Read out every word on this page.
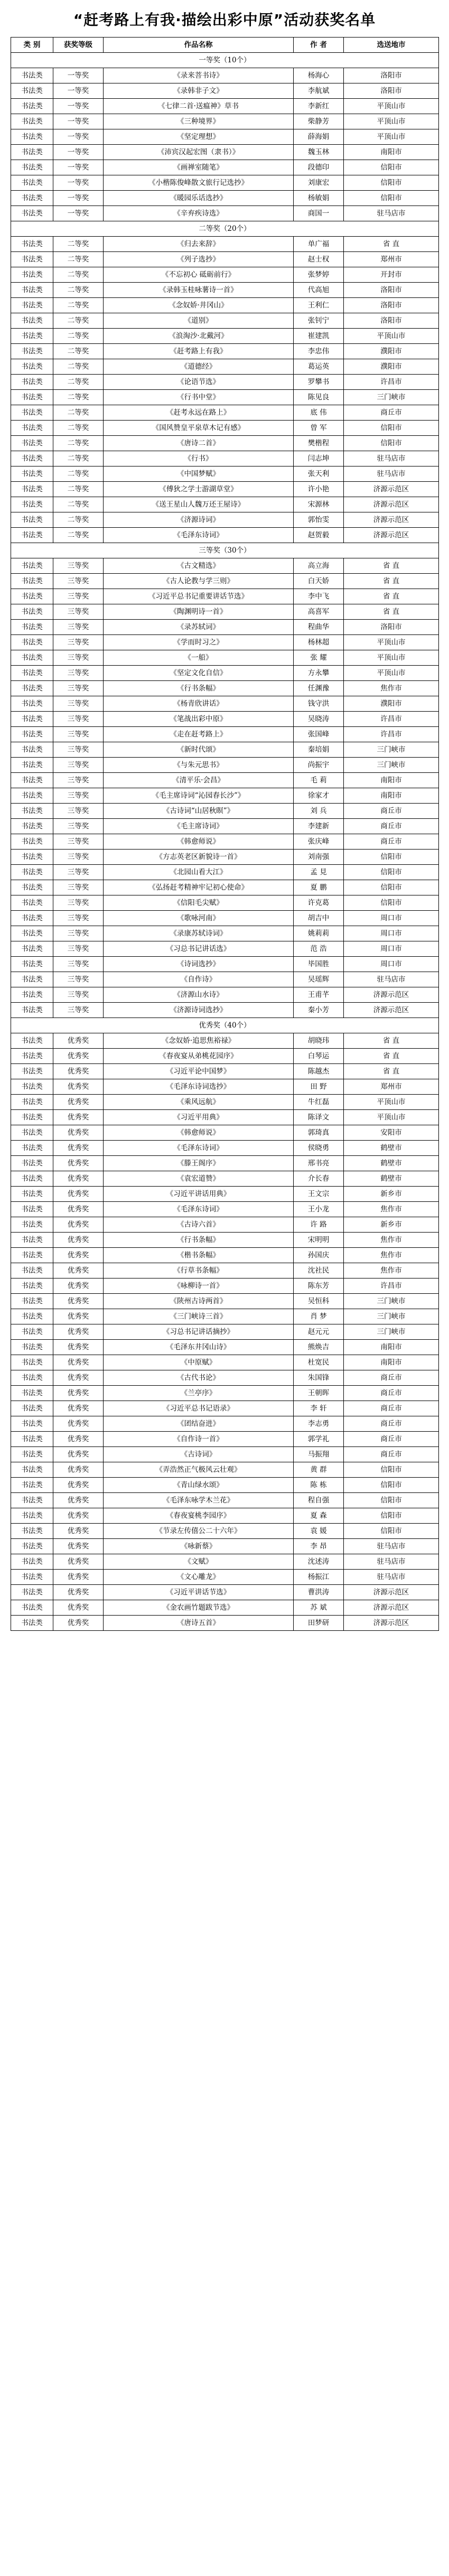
“赶考路上有我·描绘出彩中原”活动获奖名单
类 别	获奖等级	作品名称	作 者	选送地市
一等奖（10个）				
书法类	一等奖	《录来菩书诗》	杨海心	洛阳市
书法类	一等奖	《录韩非子文》	李航斌	洛阳市
书法类	一等奖	《七律二首·送瘟神》草书	李新红	平顶山市
书法类	一等奖	《三种境界》	柴静芳	平顶山市
书法类	一等奖	《坚定理想》	薛海娟	平顶山市
书法类	一等奖	《沛宾汉起宏图（隶书）》	魏玉林	南阳市
书法类	一等奖	《画禅室随笔》	段德印	信阳市
书法类	一等奖	《小楷陈俊峰散文旅行记选抄》	刘康宏	信阳市
书法类	一等奖	《暖园乐话选抄》	杨敏娟	信阳市
书法类	一等奖	《辛弃疾诗选》	商国一	驻马店市
二等奖（20个）				
书法类	二等奖	《归去来辞》	单广福	省 直
书法类	二等奖	《列子选抄》	赵士权	郑州市
书法类	二等奖	《不忘初心 砥砺前行》	张梦婷	开封市
书法类	二等奖	《录韩玉桂咏薯诗一首》	代高旭	洛阳市
书法类	二等奖	《念奴娇·井冈山》	王利仁	洛阳市
书法类	二等奖	《道别》	张钊宁	洛阳市
书法类	二等奖	《浪淘沙·北戴河》	崔建凯	平顶山市
书法类	二等奖	《赶考路上有我》	李忠伟	濮阳市
书法类	二等奖	《道德经》	葛运英	濮阳市
书法类	二等奖	《论语节选》	罗攀书	许昌市
书法类	二等奖	《行书中堂》	陈见良	三门峡市
书法类	二等奖	《赶考永远在路上》	底 伟	商丘市
书法类	二等奖	《国风赞皇平泉草木记有感》	曾 军	信阳市
书法类	二等奖	《唐诗二首》	樊楷程	信阳市
书法类	二等奖	《行书》	闫志坤	驻马店市
书法类	二等奖	《中国梦赋》	张天利	驻马店市
书法类	二等奖	《傅狄之学士游湖草堂》	许小艳	济源示范区
书法类	二等奖	《送王星山人魏万还王屋诗》	宋源林	济源示范区
书法类	二等奖	《济源诗词》	郭怡雯	济源示范区
书法类	二等奖	《毛泽东诗词》	赵贺毅	济源示范区
三等奖（30个）				
书法类	三等奖	《古文精选》	高立海	省 直
书法类	三等奖	《古人论教与学三则》	白天娇	省 直
书法类	三等奖	《习近平总书记重要讲话节选》	李中飞	省 直
书法类	三等奖	《陶渊明诗一首》	高喜军	省 直
书法类	三等奖	《录苏轼词》	程曲华	洛阳市
书法类	三等奖	《学而时习之》	杨林超	平顶山市
书法类	三等奖	《一船》	张 耀	平顶山市
书法类	三等奖	《坚定文化自信》	方永攀	平顶山市
书法类	三等奖	《行书条幅》	任渊豫	焦作市
书法类	三等奖	《杨青欣讲话》	钱守洪	濮阳市
书法类	三等奖	《笔战出彩中原》	吴晓涛	许昌市
书法类	三等奖	《走在赶考路上》	张国峰	许昌市
书法类	三等奖	《新时代颂》	秦培娟	三门峡市
书法类	三等奖	《与朱元思书》	尚振宇	三门峡市
书法类	三等奖	《清平乐·会昌》	毛 莉	南阳市
书法类	三等奖	《毛主席诗词“沁园春长沙”》	徐家才	南阳市
书法类	三等奖	《古诗词“山居秋暝”》	刘 兵	商丘市
书法类	三等奖	《毛主席诗词》	李建新	商丘市
书法类	三等奖	《韩愈师说》	张庆峰	商丘市
书法类	三等奖	《方志英老区新貌诗一首》	刘南强	信阳市
书法类	三等奖	《北园山看大江》	孟 見	信阳市
书法类	三等奖	《弘扬赶考精神牢记初心使命》	夏 鹏	信阳市
书法类	三等奖	《信阳毛尖赋》	许克葛	信阳市
书法类	三等奖	《歌咏河南》	胡吉中	周口市
书法类	三等奖	《录康苏轼诗词》	姚莉莉	周口市
书法类	三等奖	《习总书记讲话选》	范 浩	周口市
书法类	三等奖	《诗词选抄》	毕国胜	周口市
书法类	三等奖	《自作诗》	吴瑶辉	驻马店市
书法类	三等奖	《济源山水诗》	王甫芊	济源示范区
书法类	三等奖	《济源诗词选抄》	秦小芳	济源示范区
优秀奖（40个）				
书法类	优秀奖	《念奴娇·追思焦裕禄》	胡晓玮	省 直
书法类	优秀奖	《春夜宴从弟桃花园序》	白琴运	省 直
书法类	优秀奖	《习近平论中国梦》	陈越杰	省 直
书法类	优秀奖	《毛泽东诗词选抄》	田 野	郑州市
书法类	优秀奖	《乘风远航》	牛红磊	平顶山市
书法类	优秀奖	《习近平用典》	陈译文	平顶山市
书法类	优秀奖	《韩愈师说》	郭琦真	安阳市
书法类	优秀奖	《毛泽东诗词》	侯晓勇	鹤壁市
书法类	优秀奖	《滕王阁序》	邢书亮	鹤壁市
书法类	优秀奖	《袁宏道赞》	介长春	鹤壁市
书法类	优秀奖	《习近平讲话用典》	王文宗	新乡市
书法类	优秀奖	《毛泽东诗词》	王小龙	焦作市
书法类	优秀奖	《古诗六首》	许 路	新乡市
书法类	优秀奖	《行书条幅》	宋明明	焦作市
书法类	优秀奖	《楷书条幅》	孙国庆	焦作市
书法类	优秀奖	《行草书条幅》	沈社民	焦作市
书法类	优秀奖	《咏柳诗一首》	陈东芳	许昌市
书法类	优秀奖	《陕州古诗两首》	吴恒科	三门峡市
书法类	优秀奖	《三门峡诗三首》	肖 梦	三门峡市
书法类	优秀奖	《习总书记讲话摘抄》	赵元元	三门峡市
书法类	优秀奖	《毛泽东井冈山诗》	熊焕吉	南阳市
书法类	优秀奖	《中原赋》	杜宽民	南阳市
书法类	优秀奖	《古代书论》	朱国锋	商丘市
书法类	优秀奖	《兰亭序》	王朝晖	商丘市
书法类	优秀奖	《习近平总书记语录》	李 轩	商丘市
书法类	优秀奖	《团结奋进》	李志勇	商丘市
书法类	优秀奖	《自作诗一首》	郭学礼	商丘市
书法类	优秀奖	《古诗词》	马振翔	商丘市
书法类	优秀奖	《弄浩然正气极风云壮观》	黄 群	信阳市
书法类	优秀奖	《青山绿水颂》	陈 栋	信阳市
书法类	优秀奖	《毛泽东咏学木兰花》	程自强	信阳市
书法类	优秀奖	《春夜宴桃李园序》	夏 森	信阳市
书法类	优秀奖	《节录左传僖公二十六年》	袁 媛	信阳市
书法类	优秀奖	《咏新蔡》	李 昂	驻马店市
书法类	优秀奖	《文赋》	沈述涛	驻马店市
书法类	优秀奖	《文心雕龙》	杨振江	驻马店市
书法类	优秀奖	《习近平讲话节选》	曹洪涛	济源示范区
书法类	优秀奖	《金农画竹题跋节选》	苏 斌	济源示范区
书法类	优秀奖	《唐诗五首》	田梦研	济源示范区
